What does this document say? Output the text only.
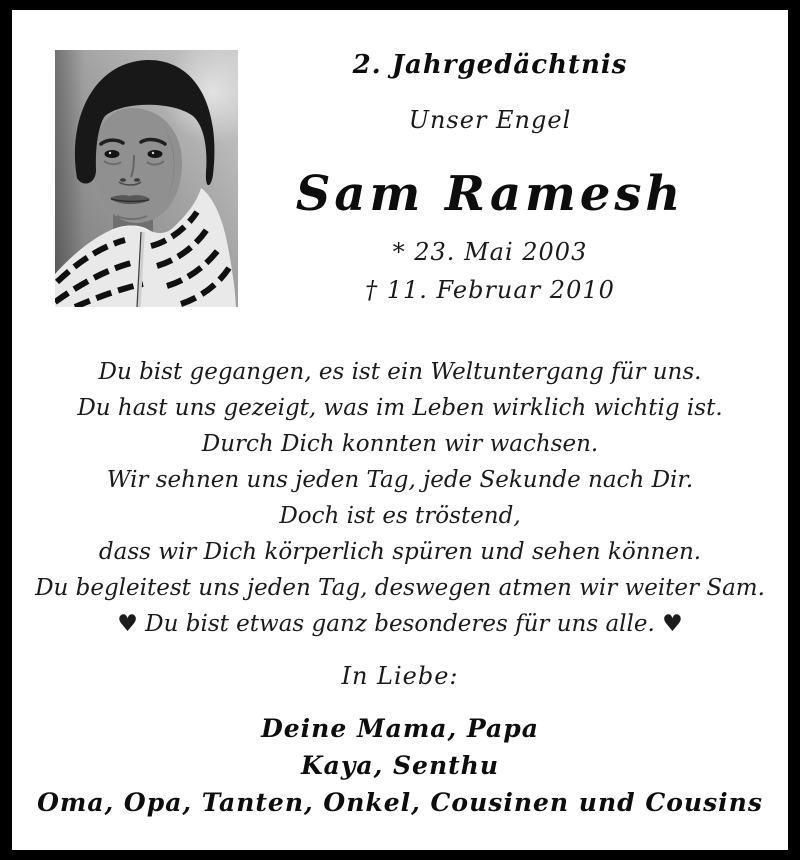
2. Jahrgedächtnis
Unser Engel
Sam Ramesh
* 23. Mai 2003
† 11. Februar 2010
Du bist gegangen, es ist ein Weltuntergang für uns.
Du hast uns gezeigt, was im Leben wirklich wichtig ist.
Durch Dich konnten wir wachsen.
Wir sehnen uns jeden Tag, jede Sekunde nach Dir.
Doch ist es tröstend,
dass wir Dich körperlich spüren und sehen können.
Du begleitest uns jeden Tag, deswegen atmen wir weiter Sam.
♥ Du bist etwas ganz besonderes für uns alle. ♥
In Liebe:
Deine Mama, Papa
Kaya, Senthu
Oma, Opa, Tanten, Onkel, Cousinen und Cousins
